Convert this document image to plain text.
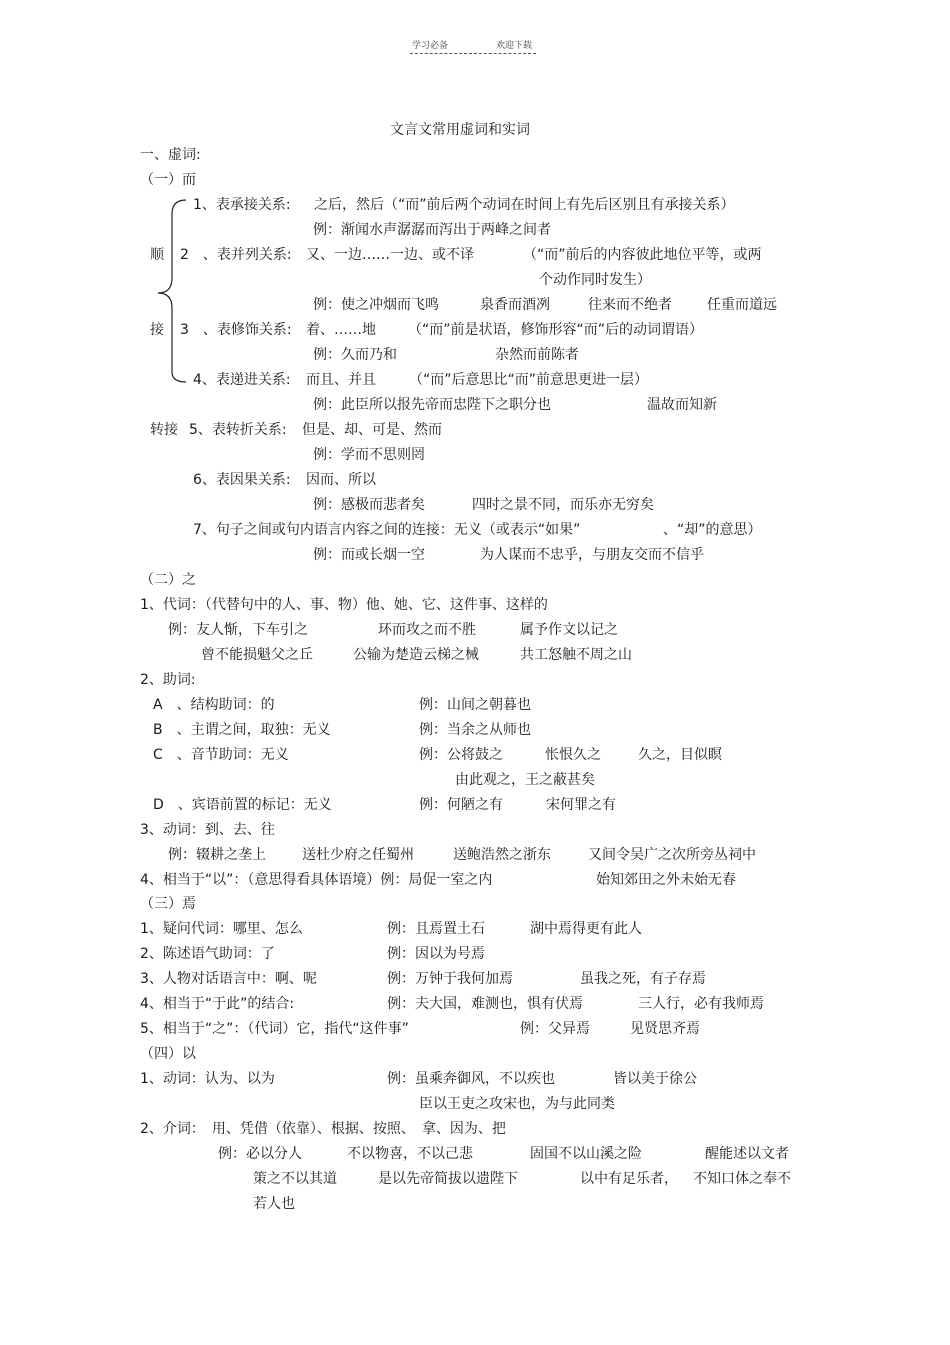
学习必备	欢迎下载
文言文常用虚词和实词
一、虚词:
（一）而
顺
接
1、表承接关系: 之后，然后（“而”前后两个动词在时间上有先后区别且有承接关系）
例：渐闻水声潺潺而泻出于两峰之间者
2　、表并列关系: 又、一边……一边、或不译	（“而”前后的内容彼此地位平等，或两
个动作同时发生）
例：使之冲烟而飞鸣	泉香而酒冽	往来而不绝者	任重而道远
3　、表修饰关系: 着、……地 （“而”前是状语，修饰形容“而”后的动词谓语）
例：久而乃和	杂然而前陈者
4、表递进关系: 而且、并且 （“而”后意思比“而”前意思更进一层）
例：此臣所以报先帝而忠陛下之职分也	温故而知新
转接 5、表转折关系: 但是、却、可是、然而
例：学而不思则罔
6、表因果关系: 因而、所以
例：感极而悲者矣	四时之景不同，而乐亦无穷矣
7、句子之间或句内语言内容之间的连接：无义（或表示“如果”	、“却”的意思）
例：而或长烟一空	为人谋而不忠乎，与朋友交而不信乎
（二）之
1、代词：（代替句中的人、事、物）他、她、它、这件事、这样的
例：友人惭，下车引之	环而攻之而不胜	属予作文以记之
曾不能损魁父之丘	公输为楚造云梯之械	共工怒触不周之山
2、助词:
A　、结构助词：的	例：山间之朝暮也
B　、主谓之间，取独：无义	例：当余之从师也
C　、音节助词：无义	例：公将鼓之	怅恨久之	久之，目似瞑
由此观之，王之蔽甚矣
D　、宾语前置的标记：无义	例：何陋之有	宋何罪之有
3、动词：到、去、往
例：辍耕之垄上	送杜少府之任蜀州	送鲍浩然之浙东	又间令吴广之次所旁丛祠中
4、相当于“以”：（意思得看具体语境）例：局促一室之内	始知郊田之外未始无春
（三）焉
1、疑问代词：哪里、怎么	例：且焉置土石	湖中焉得更有此人
2、陈述语气助词：了	例：因以为号焉
3、人物对话语言中：啊、呢	例：万钟于我何加焉	虽我之死，有子存焉
4、相当于“于此”的结合:	例：夫大国，难测也，惧有伏焉	三人行，必有我师焉
5、相当于“之”：（代词）它，指代“这件事”	例：父异焉	见贤思齐焉
（四）以
1、动词：认为、以为	例：虽乘奔御风，不以疾也	皆以美于徐公
臣以王吏之攻宋也，为与此同类
2、介词：　用、凭借（依靠）、根据、按照、　拿、因为、把
例：必以分人	不以物喜，不以己悲	固国不以山溪之险	醒能述以文者
策之不以其道	是以先帝简拔以遗陛下	以中有足乐者， 不知口体之奉不
若人也
